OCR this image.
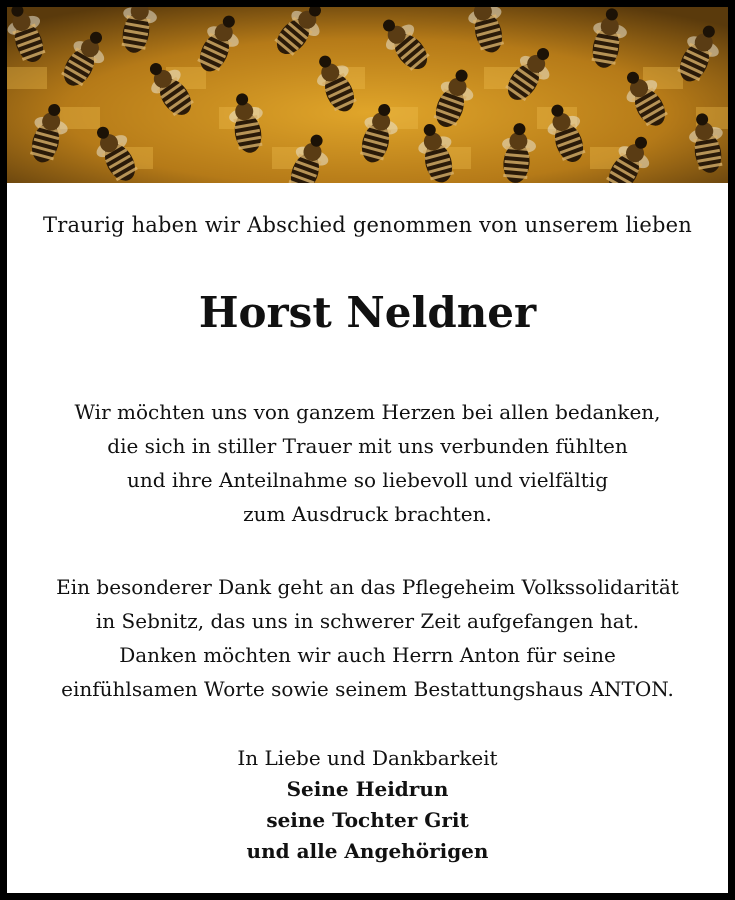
Traurig haben wir Abschied genommen von unserem lieben
Horst Neldner
Wir möchten uns von ganzem Herzen bei allen bedanken,
die sich in stiller Trauer mit uns verbunden fühlten
und ihre Anteilnahme so liebevoll und vielfältig
zum Ausdruck brachten.
Ein besonderer Dank geht an das Pflegeheim Volkssolidarität
in Sebnitz, das uns in schwerer Zeit aufgefangen hat.
Danken möchten wir auch Herrn Anton für seine
einfühlsamen Worte sowie seinem Bestattungshaus ANTON.
In Liebe und Dankbarkeit
Seine Heidrun
seine Tochter Grit
und alle Angehörigen
